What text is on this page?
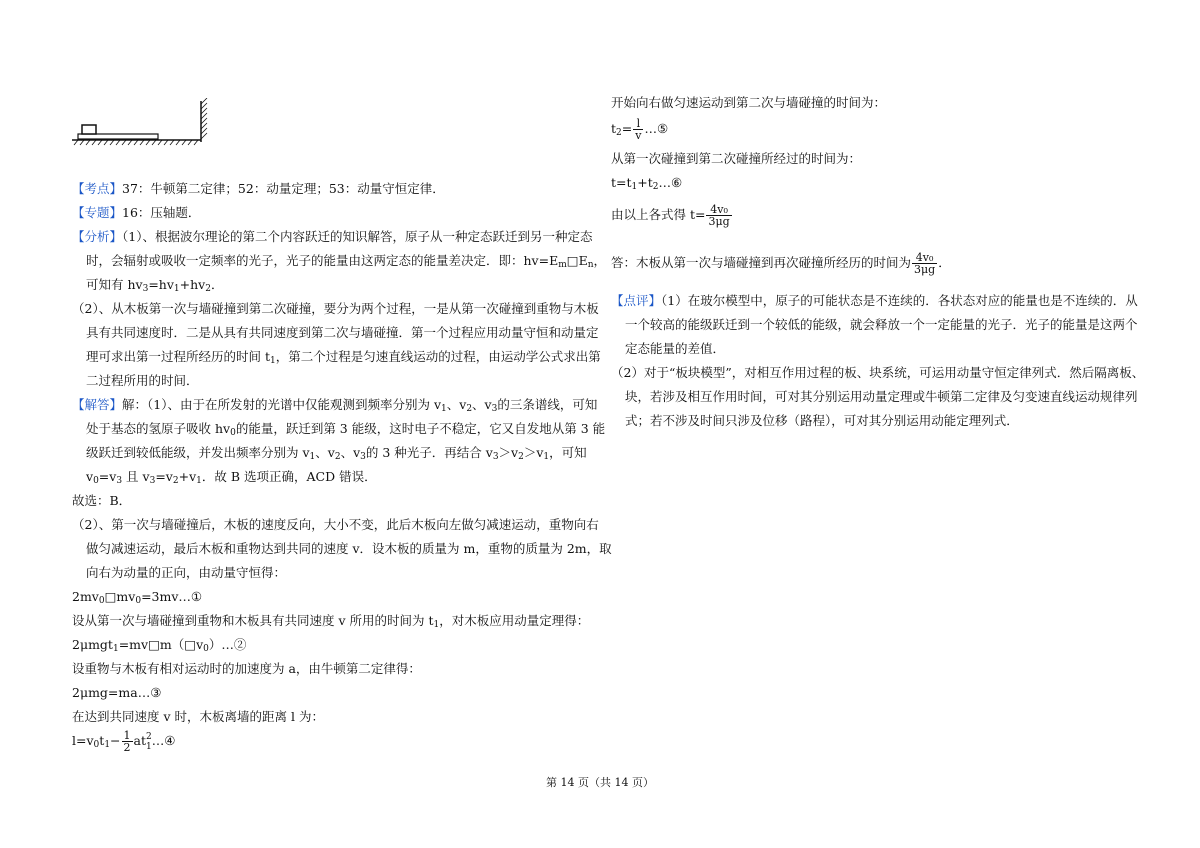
【考点】37：牛顿第二定律；52：动量定理；53：动量守恒定律．
【专题】16：压轴题．
【分析】（1）、根据波尔理论的第二个内容跃迁的知识解答，原子从一种定态跃迁到另一种定态
时，会辐射或吸收一定频率的光子，光子的能量由这两定态的能量差决定．即：$hv=E_m□E_n$，
可知有 $hv_3=hv_1+hv_2$．
（2）、从木板第一次与墙碰撞到第二次碰撞，要分为两个过程，一是从第一次碰撞到重物与木板
具有共同速度时．二是从具有共同速度到第二次与墙碰撞．第一个过程应用动量守恒和动量定
理可求出第一过程所经历的时间 $t_1$，第二个过程是匀速直线运动的过程，由运动学公式求出第
二过程所用的时间．
【解答】解：（1）、由于在所发射的光谱中仅能观测到频率分别为 $v_1$、$v_2$、$v_3$的三条谱线，可知
处于基态的氢原子吸收 $hv_0$的能量，跃迁到第 3 能级，这时电子不稳定，它又自发地从第 3 能
级跃迁到较低能级，并发出频率分别为 $v_1$、$v_2$、$v_3$的 3 种光子．再结合 $v_3>v_2>v_1$，可知
$v_0=v_3$ 且 $v_3=v_2+v_1$．故 B 选项正确，ACD 错误．
故选：B．
（2）、第一次与墙碰撞后，木板的速度反向，大小不变，此后木板向左做匀减速运动，重物向右
做匀减速运动，最后木板和重物达到共同的速度 v．设木板的质量为 m，重物的质量为 2m，取
向右为动量的正向，由动量守恒得：
$2mv_0□mv_0=3mv\dots ①$
设从第一次与墙碰撞到重物和木板具有共同速度 v 所用的时间为 $t_1$，对木板应用动量定理得：
$2\mu mgt_1=mv□m(□v_0)\dots ②$
设重物与木板有相对运动时的加速度为 a，由牛顿第二定律得：
2μmg=ma…③
在达到共同速度 v 时，木板离墙的距离 l 为：
$l=v_0t_1- \frac{1}{2}$ at 2
1 …④
开始向右做匀速运动到第二次与墙碰撞的时间为：
$t_2= \frac{l}{v}$ …⑤
从第一次碰撞到第二次碰撞所经过的时间为：
$t=t_1+t_2\dots ⑥$
由以上各式得 $t= \frac{\text{4v₀}}{3\mu g}$
答：木板从第一次与墙碰撞到再次碰撞所经历的时间为 $\frac{\text{4v₀}}{3\mu g}$ ．
【点评】（1）在玻尔模型中，原子的可能状态是不连续的．各状态对应的能量也是不连续的．从
一个较高的能级跃迁到一个较低的能级，就会释放一个一定能量的光子．光子的能量是这两个
定态能量的差值．
（2）对于“板块模型”，对相互作用过程的板、块系统，可运用动量守恒定律列式．然后隔离板、
块，若涉及相互作用时间，可对其分别运用动量定理或牛顿第二定律及匀变速直线运动规律列
式；若不涉及时间只涉及位移（路程），可对其分别运用动能定理列式．
第 14 页（共 14 页）
